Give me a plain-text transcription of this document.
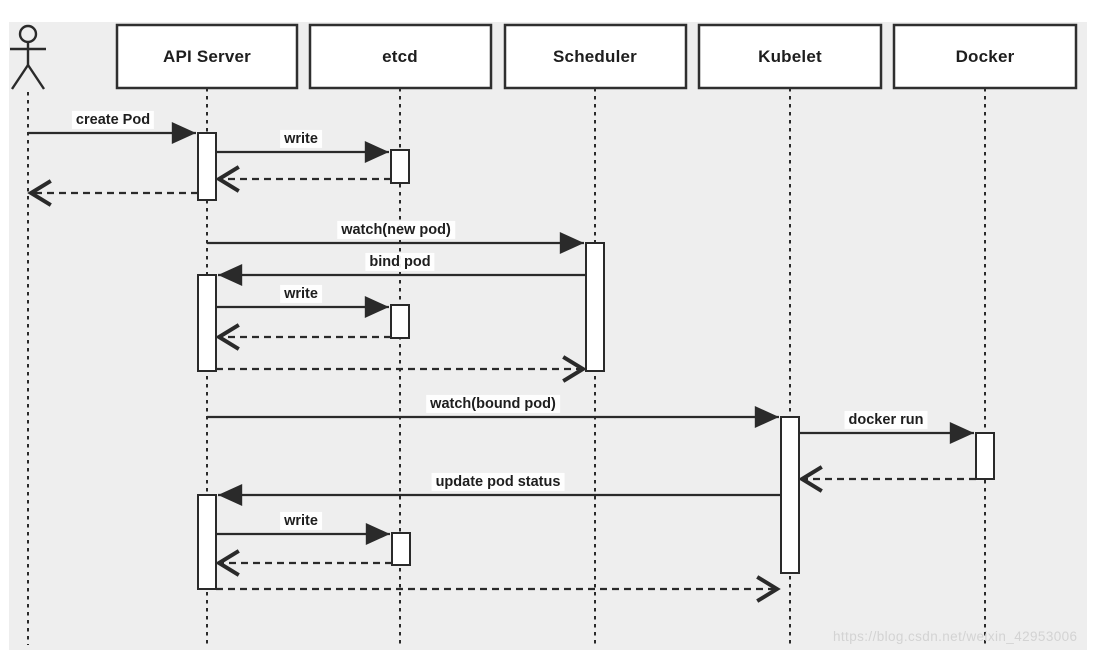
API Server	etcd	Scheduler	Kubelet	Docker
create Pod
write
watch(new pod)
bind pod
write
watch(bound pod)
docker run
update pod status
write
https://blog.csdn.net/weixin_42953006
